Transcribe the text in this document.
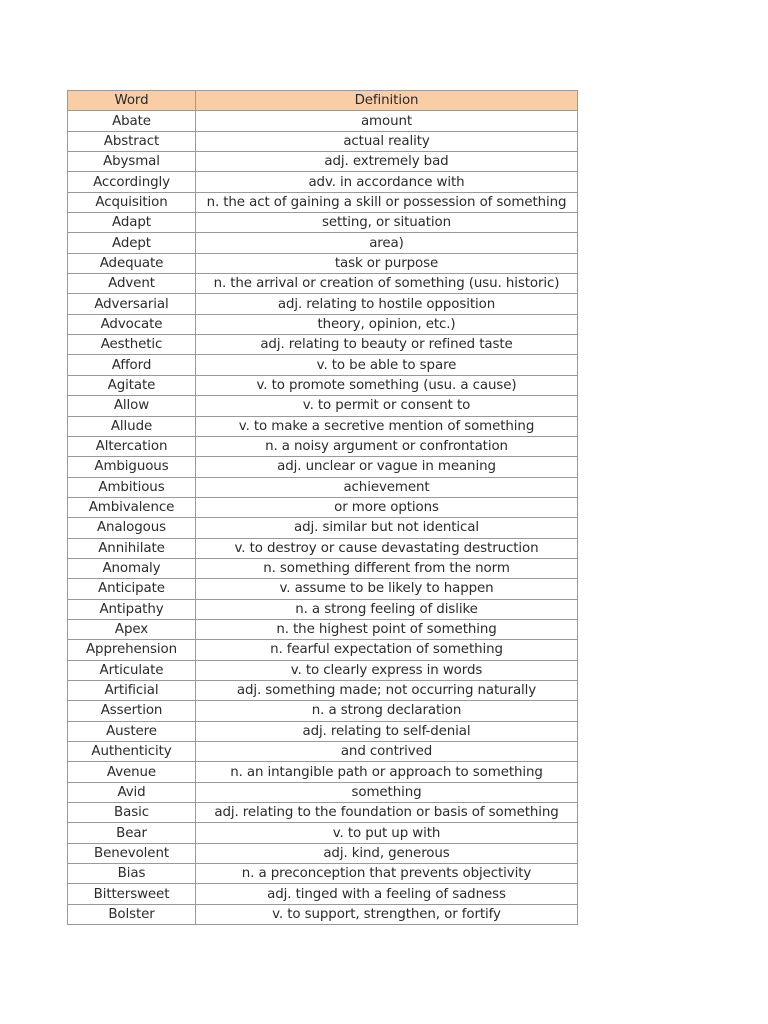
Word	Definition
Abate	amount
Abstract	actual reality
Abysmal	adj. extremely bad
Accordingly	adv. in accordance with
Acquisition	n. the act of gaining a skill or possession of something
Adapt	setting, or situation
Adept	area)
Adequate	task or purpose
Advent	n. the arrival or creation of something (usu. historic)
Adversarial	adj. relating to hostile opposition
Advocate	theory, opinion, etc.)
Aesthetic	adj. relating to beauty or refined taste
Afford	v. to be able to spare
Agitate	v. to promote something (usu. a cause)
Allow	v. to permit or consent to
Allude	v. to make a secretive mention of something
Altercation	n. a noisy argument or confrontation
Ambiguous	adj. unclear or vague in meaning
Ambitious	achievement
Ambivalence	or more options
Analogous	adj. similar but not identical
Annihilate	v. to destroy or cause devastating destruction
Anomaly	n. something different from the norm
Anticipate	v. assume to be likely to happen
Antipathy	n. a strong feeling of dislike
Apex	n. the highest point of something
Apprehension	n. fearful expectation of something
Articulate	v. to clearly express in words
Artificial	adj. something made; not occurring naturally
Assertion	n. a strong declaration
Austere	adj. relating to self-denial
Authenticity	and contrived
Avenue	n. an intangible path or approach to something
Avid	something
Basic	adj. relating to the foundation or basis of something
Bear	v. to put up with
Benevolent	adj. kind, generous
Bias	n. a preconception that prevents objectivity
Bittersweet	adj. tinged with a feeling of sadness
Bolster	v. to support, strengthen, or fortify
